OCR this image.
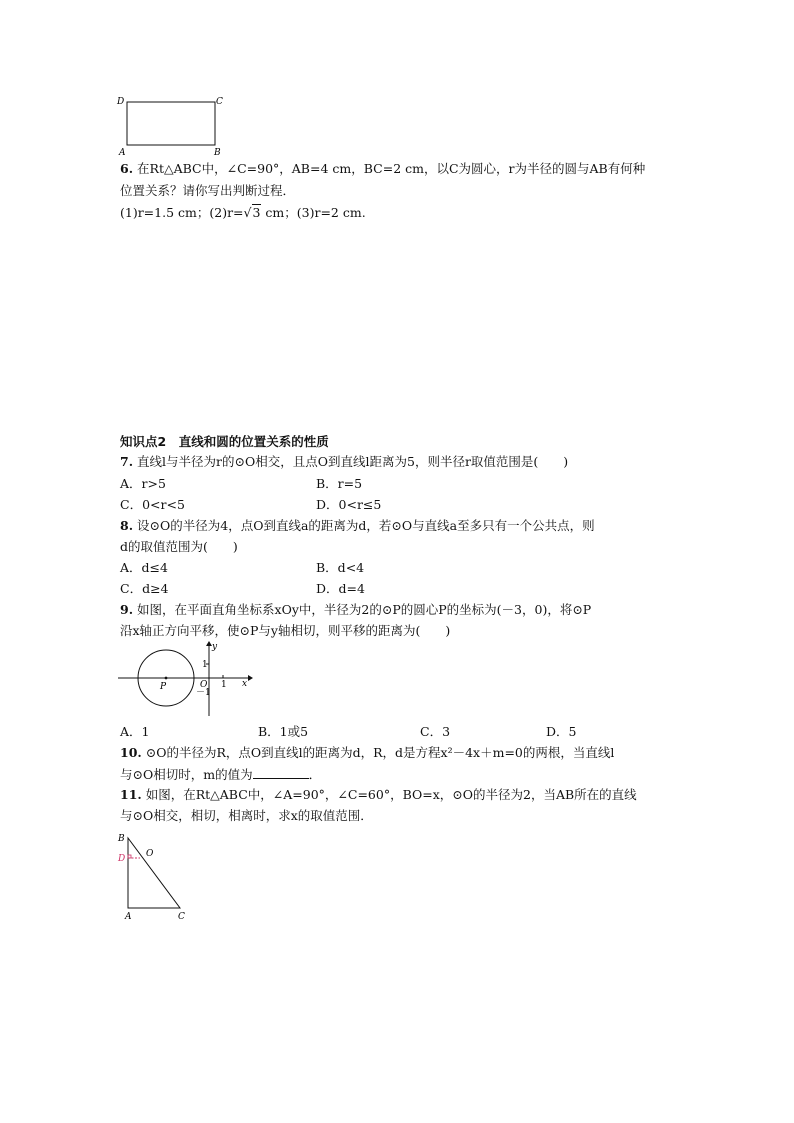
D	C
A	B
6. 在Rt△ABC中，∠C=90°，AB=4 cm，BC=2 cm，以C为圆心，r为半径的圆与AB有何种
位置关系？请你写出判断过程．
(1)r=1.5 cm；(2)r=√3 cm；(3)r=2 cm.
知识点2　直线和圆的位置关系的性质
7. 直线l与半径为r的⊙O相交，且点O到直线l距离为5，则半径r取值范围是(　　)
A．r>5	B．r=5
C．0<r<5	D．0<r≤5
8. 设⊙O的半径为4，点O到直线a的距离为d，若⊙O与直线a至多只有一个公共点，则
d的取值范围为(　　)
A．d≤4	B．d<4
C．d≥4	D．d=4
9. 如图，在平面直角坐标系xOy中，半径为2的⊙P的圆心P的坐标为(－3，0)，将⊙P
沿x轴正方向平移，使⊙P与y轴相切，则平移的距离为(　　)
y
x
O
P
1
－1
1
A．1	B．1或5	C．3	D．5
10. ⊙O的半径为R，点O到直线l的距离为d，R，d是方程x²－4x＋m=0的两根，当直线l
与⊙O相切时，m的值为	．
11. 如图，在Rt△ABC中，∠A=90°，∠C=60°，BO=x，⊙O的半径为2，当AB所在的直线
与⊙O相交，相切，相离时，求x的取值范围．
B
O
D
A	C
